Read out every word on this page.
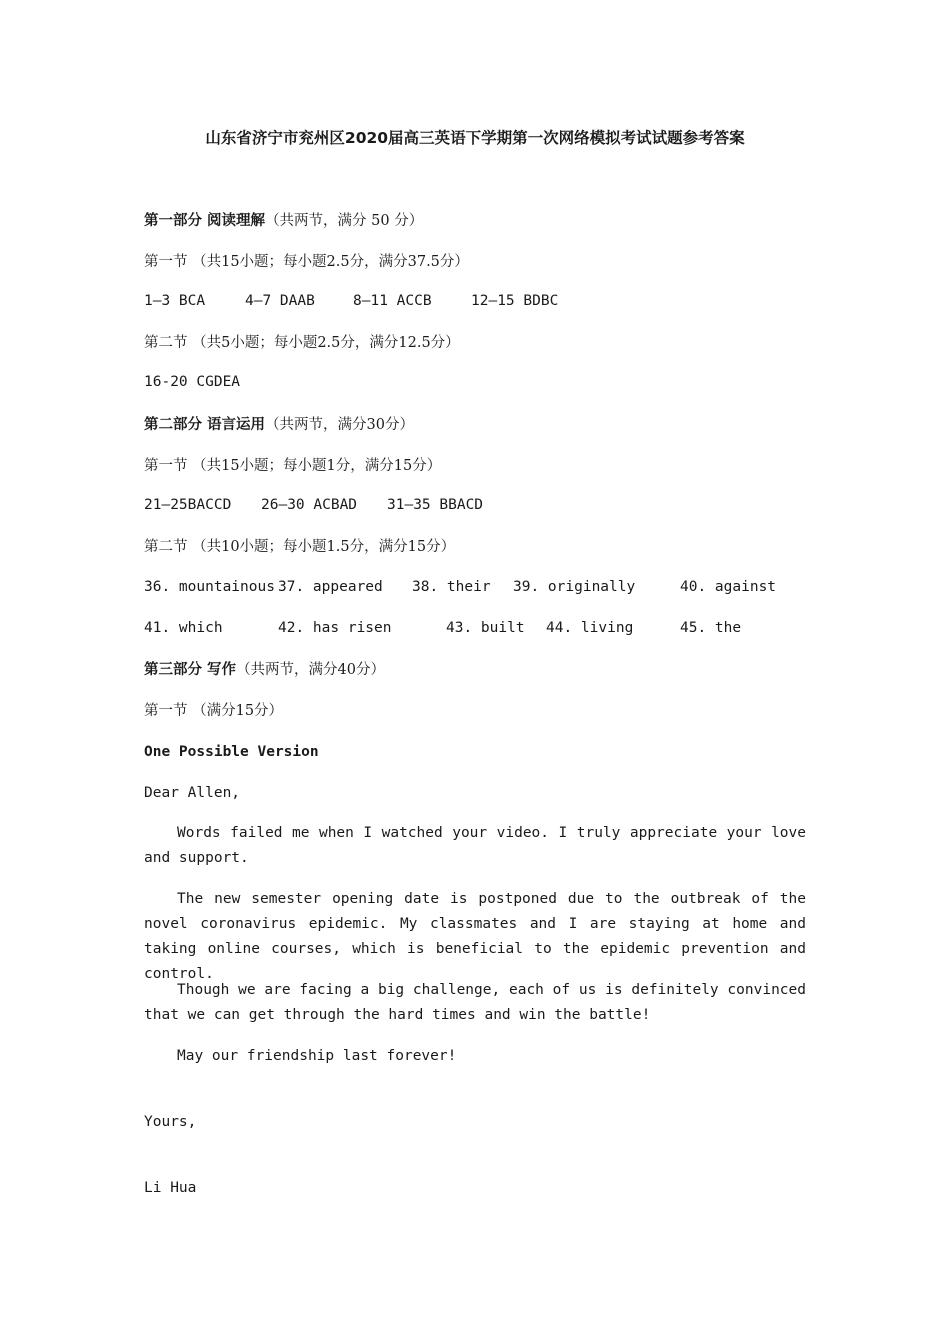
山东省济宁市兖州区2020届高三英语下学期第一次网络模拟考试试题参考答案
第一部分 阅读理解（共两节，满分 50 分）
第一节 （共15小题；每小题2.5分，满分37.5分）
1—3 BCA	4—7 DAAB	8—11 ACCB	12—15 BDBC
第二节 （共5小题；每小题2.5分，满分12.5分）
16-20 CGDEA
第二部分 语言运用（共两节，满分30分）
第一节 （共15小题；每小题1分，满分15分）
21—25BACCD 26—30 ACBAD 31—35 BBACD
第二节 （共10小题；每小题1.5分，满分15分）
36. mountainous 37. appeared 38. their 39. originally	40. against
41. which	42. has risen	43. built 44. living	45. the
第三部分 写作（共两节，满分40分）
第一节 （满分15分）
One Possible Version
Dear Allen,
Words failed me when I watched your video. I truly appreciate your love and support.
The new semester opening date is postponed due to the outbreak of the novel coronavirus epidemic. My classmates and I are staying at home and taking online courses, which is beneficial to the epidemic prevention and control.
Though we are facing a big challenge, each of us is definitely convinced that we can get through the hard times and win the battle!
May our friendship last forever!
Yours,
Li Hua
